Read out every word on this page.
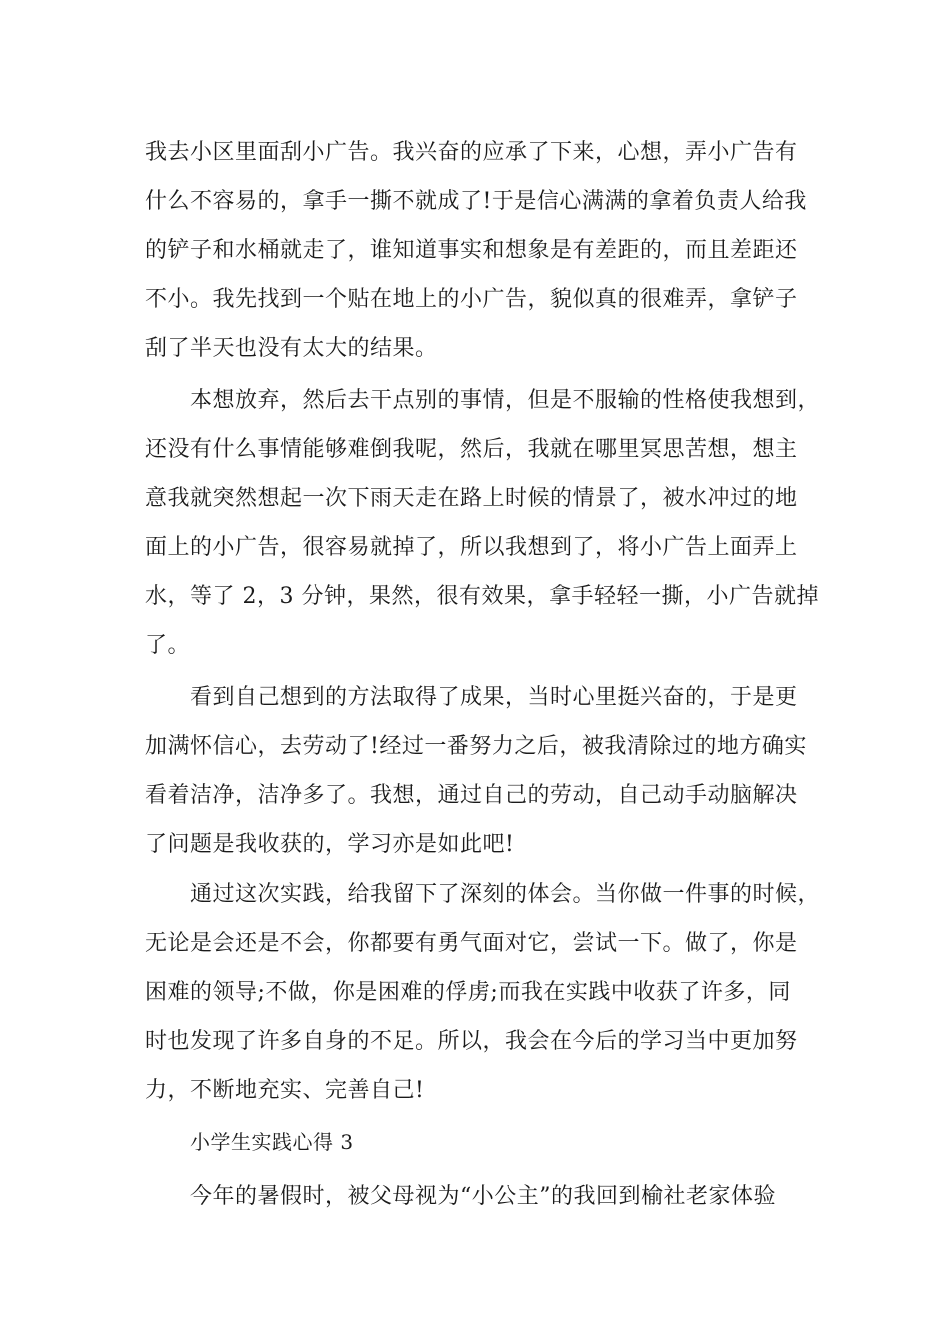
我去小区里面刮小广告。我兴奋的应承了下来，心想，弄小广告有
什么不容易的，拿手一撕不就成了!于是信心满满的拿着负责人给我
的铲子和水桶就走了，谁知道事实和想象是有差距的，而且差距还
不小。我先找到一个贴在地上的小广告，貌似真的很难弄，拿铲子
刮了半天也没有太大的结果。
本想放弃，然后去干点别的事情，但是不服输的性格使我想到，
还没有什么事情能够难倒我呢，然后，我就在哪里冥思苦想，想主
意我就突然想起一次下雨天走在路上时候的情景了，被水冲过的地
面上的小广告，很容易就掉了，所以我想到了，将小广告上面弄上
水，等了 2，3 分钟，果然，很有效果，拿手轻轻一撕，小广告就掉
了。
看到自己想到的方法取得了成果，当时心里挺兴奋的，于是更
加满怀信心，去劳动了!经过一番努力之后，被我清除过的地方确实
看着洁净，洁净多了。我想，通过自己的劳动，自己动手动脑解决
了问题是我收获的，学习亦是如此吧!
通过这次实践，给我留下了深刻的体会。当你做一件事的时候，
无论是会还是不会，你都要有勇气面对它，尝试一下。做了，你是
困难的领导;不做，你是困难的俘虏;而我在实践中收获了许多，同
时也发现了许多自身的不足。所以，我会在今后的学习当中更加努
力，不断地充实、完善自己!
小学生实践心得 3
今年的暑假时，被父母视为“小公主”的我回到榆社老家体验
